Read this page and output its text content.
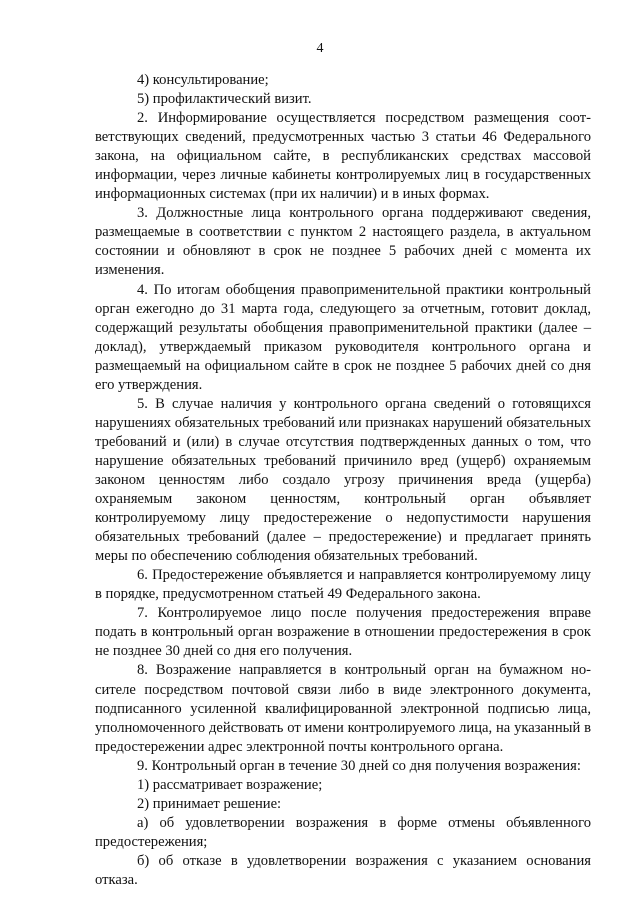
4

4) консультирование;

5) профилактический визит.

2. Информирование осуществляется посредством размещения соответствующих сведений, предусмотренных частью 3 статьи 46 Федерального закона, на официальном сайте, в республиканских средствах массовой информации, через личные кабинеты контролируемых лиц в государственных информационных системах (при их наличии) и в иных формах.

3. Должностные лица контрольного органа поддерживают сведения, размещаемые в соответствии с пунктом 2 настоящего раздела, в актуальном состоянии и обновляют в срок не позднее 5 рабочих дней с момента их изменения.

4. По итогам обобщения правоприменительной практики контрольный орган ежегодно до 31 марта года, следующего за отчетным, готовит доклад, содержащий результаты обобщения правоприменительной практики (далее – доклад), утверждаемый приказом руководителя контрольного органа и размещаемый на официальном сайте в срок не позднее 5 рабочих дней со дня его утверждения.

5. В случае наличия у контрольного органа сведений о готовящихся нарушениях обязательных требований или признаках нарушений обязательных требований и (или) в случае отсутствия подтвержденных данных о том, что нарушение обязательных требований причинило вред (ущерб) охраняемым законом ценностям либо создало угрозу причинения вреда (ущерба) охраняемым законом ценностям, контрольный орган объявляет контролируемому лицу предостережение о недопустимости нарушения обязательных требований (далее – предостережение) и предлагает принять меры по обеспечению соблюдения обязательных требований.

6. Предостережение объявляется и направляется контролируемому лицу в порядке, предусмотренном статьей 49 Федерального закона.

7. Контролируемое лицо после получения предостережения вправе подать в контрольный орган возражение в отношении предостережения в срок не позднее 30 дней со дня его получения.

8. Возражение направляется в контрольный орган на бумажном носителе посредством почтовой связи либо в виде электронного документа, подписанного усиленной квалифицированной электронной подписью лица, уполномоченного действовать от имени контролируемого лица, на указанный в предостережении адрес электронной почты контрольного органа.

9. Контрольный орган в течение 30 дней со дня получения возражения:

1) рассматривает возражение;

2) принимает решение:

а) об удовлетворении возражения в форме отмены объявленного предостережения;

б) об отказе в удовлетворении возражения с указанием основания отказа.
